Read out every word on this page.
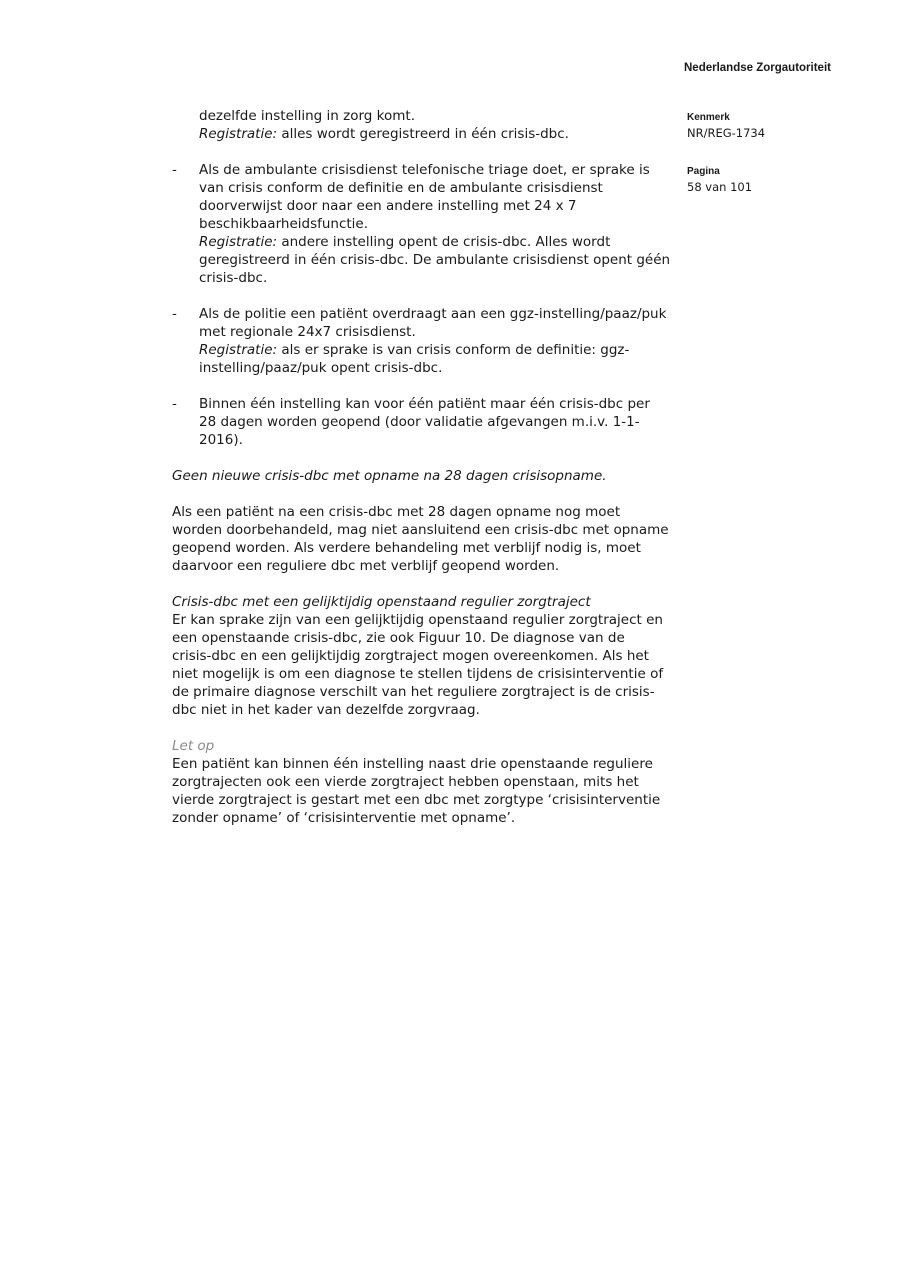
Nederlandse Zorgautoriteit
Kenmerk
NR/REG-1734
Pagina
58 van 101
dezelfde instelling in zorg komt.
Registratie: alles wordt geregistreerd in één crisis-dbc.
- Als de ambulante crisisdienst telefonische triage doet, er sprake is
van crisis conform de definitie en de ambulante crisisdienst
doorverwijst door naar een andere instelling met 24 x 7
beschikbaarheidsfunctie.
Registratie: andere instelling opent de crisis-dbc. Alles wordt
geregistreerd in één crisis-dbc. De ambulante crisisdienst opent géén
crisis-dbc.
- Als de politie een patiënt overdraagt aan een ggz-instelling/paaz/puk
met regionale 24x7 crisisdienst.
Registratie: als er sprake is van crisis conform de definitie: ggz-
instelling/paaz/puk opent crisis-dbc.
- Binnen één instelling kan voor één patiënt maar één crisis-dbc per
28 dagen worden geopend (door validatie afgevangen m.i.v. 1-1-
2016).
Geen nieuwe crisis-dbc met opname na 28 dagen crisisopname.
Als een patiënt na een crisis-dbc met 28 dagen opname nog moet
worden doorbehandeld, mag niet aansluitend een crisis-dbc met opname
geopend worden. Als verdere behandeling met verblijf nodig is, moet
daarvoor een reguliere dbc met verblijf geopend worden.
Crisis-dbc met een gelijktijdig openstaand regulier zorgtraject
Er kan sprake zijn van een gelijktijdig openstaand regulier zorgtraject en
een openstaande crisis-dbc, zie ook Figuur 10. De diagnose van de
crisis-dbc en een gelijktijdig zorgtraject mogen overeenkomen. Als het
niet mogelijk is om een diagnose te stellen tijdens de crisisinterventie of
de primaire diagnose verschilt van het reguliere zorgtraject is de crisis-
dbc niet in het kader van dezelfde zorgvraag.
Let op
Een patiënt kan binnen één instelling naast drie openstaande reguliere
zorgtrajecten ook een vierde zorgtraject hebben openstaan, mits het
vierde zorgtraject is gestart met een dbc met zorgtype ‘crisisinterventie
zonder opname’ of ‘crisisinterventie met opname’.
